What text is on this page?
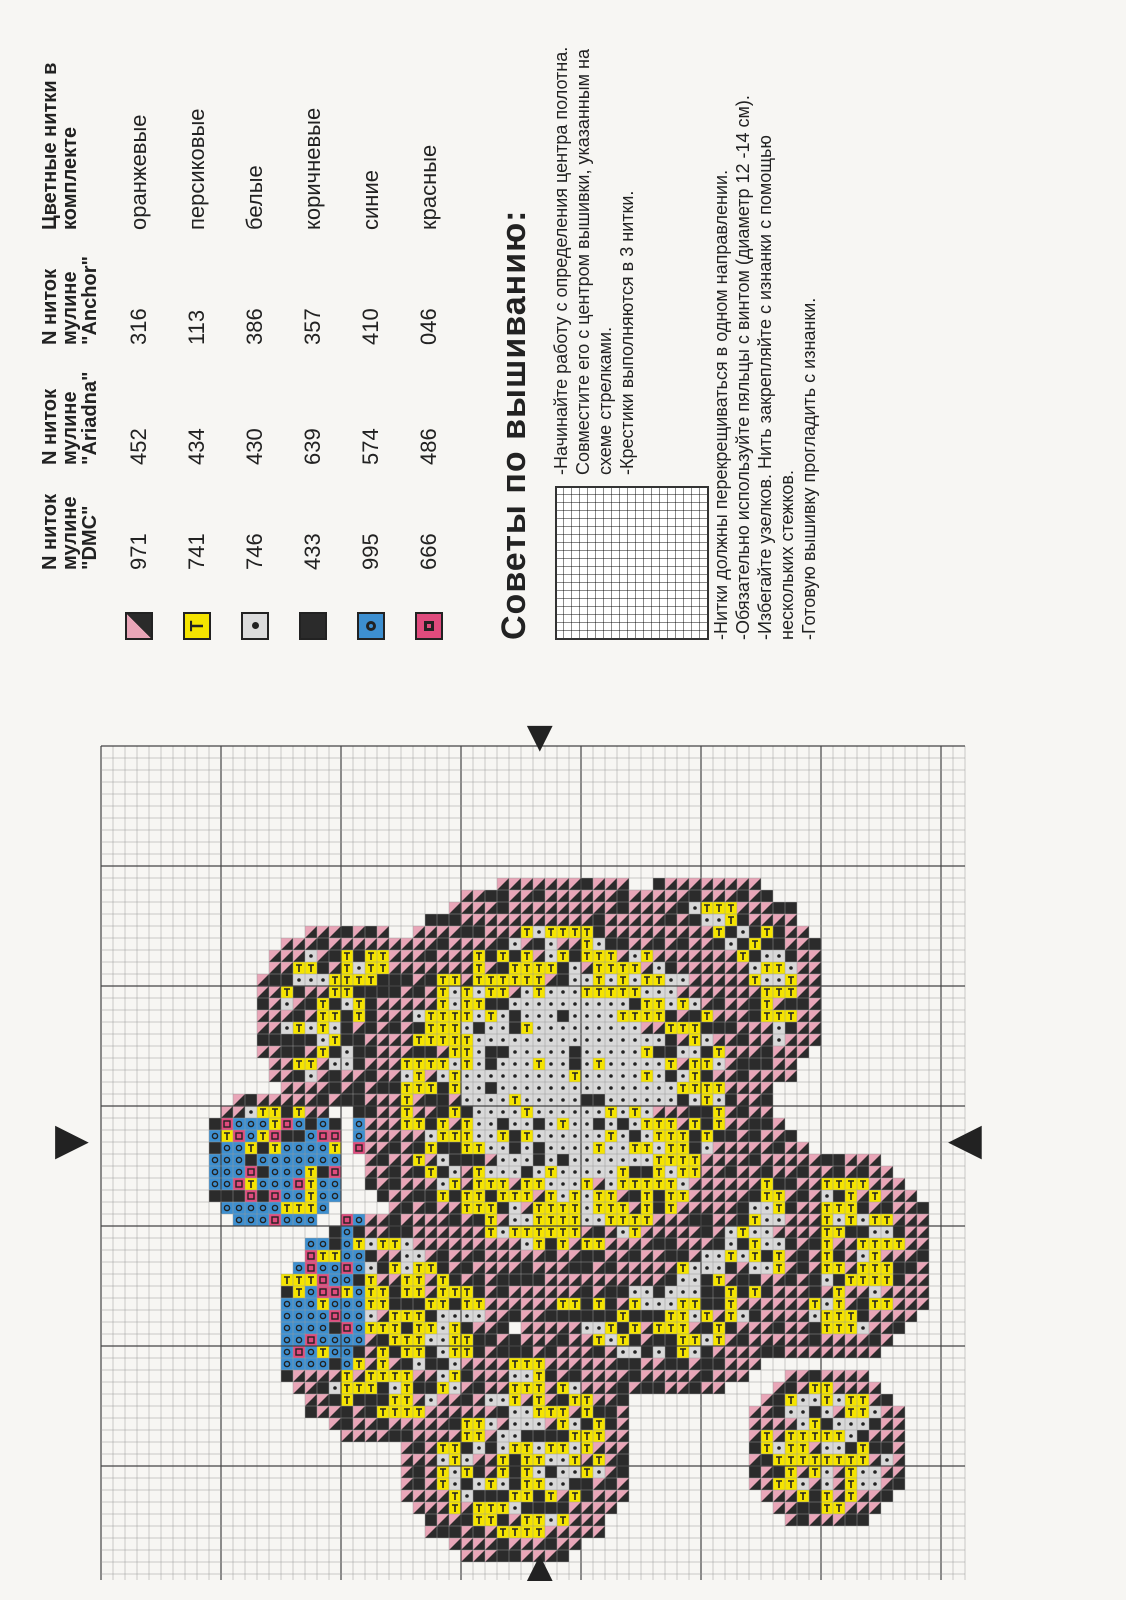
N ниток мулине "DMC"
N ниток мулине "Ariadna"
N ниток мулине "Anchor"
Цветные нитки в комплекте
971
452
316
оранжевые
T
741
434
113
персиковые
746
430
386
белые
433
639
357
коричневые
995
574
410
синие
666
486
046
красные
Советы по вышиванию: -Начинайте работу с определения центра полотна. Совместите его с центром вышивки, указанным на схеме стрелками. -Крестики выполняются в 3 нитки.	-Нитки должны перекрещиваться в одном направлении. -Обязательно используйте пяльцы с винтом (диаметр 12 -14 см). -Избегайте узелков. Нить закрепляйте с изнанки с помощью нескольких стежков. -Готовую вышивку прогладить с изнанки.

▼
▲
▶	◀
